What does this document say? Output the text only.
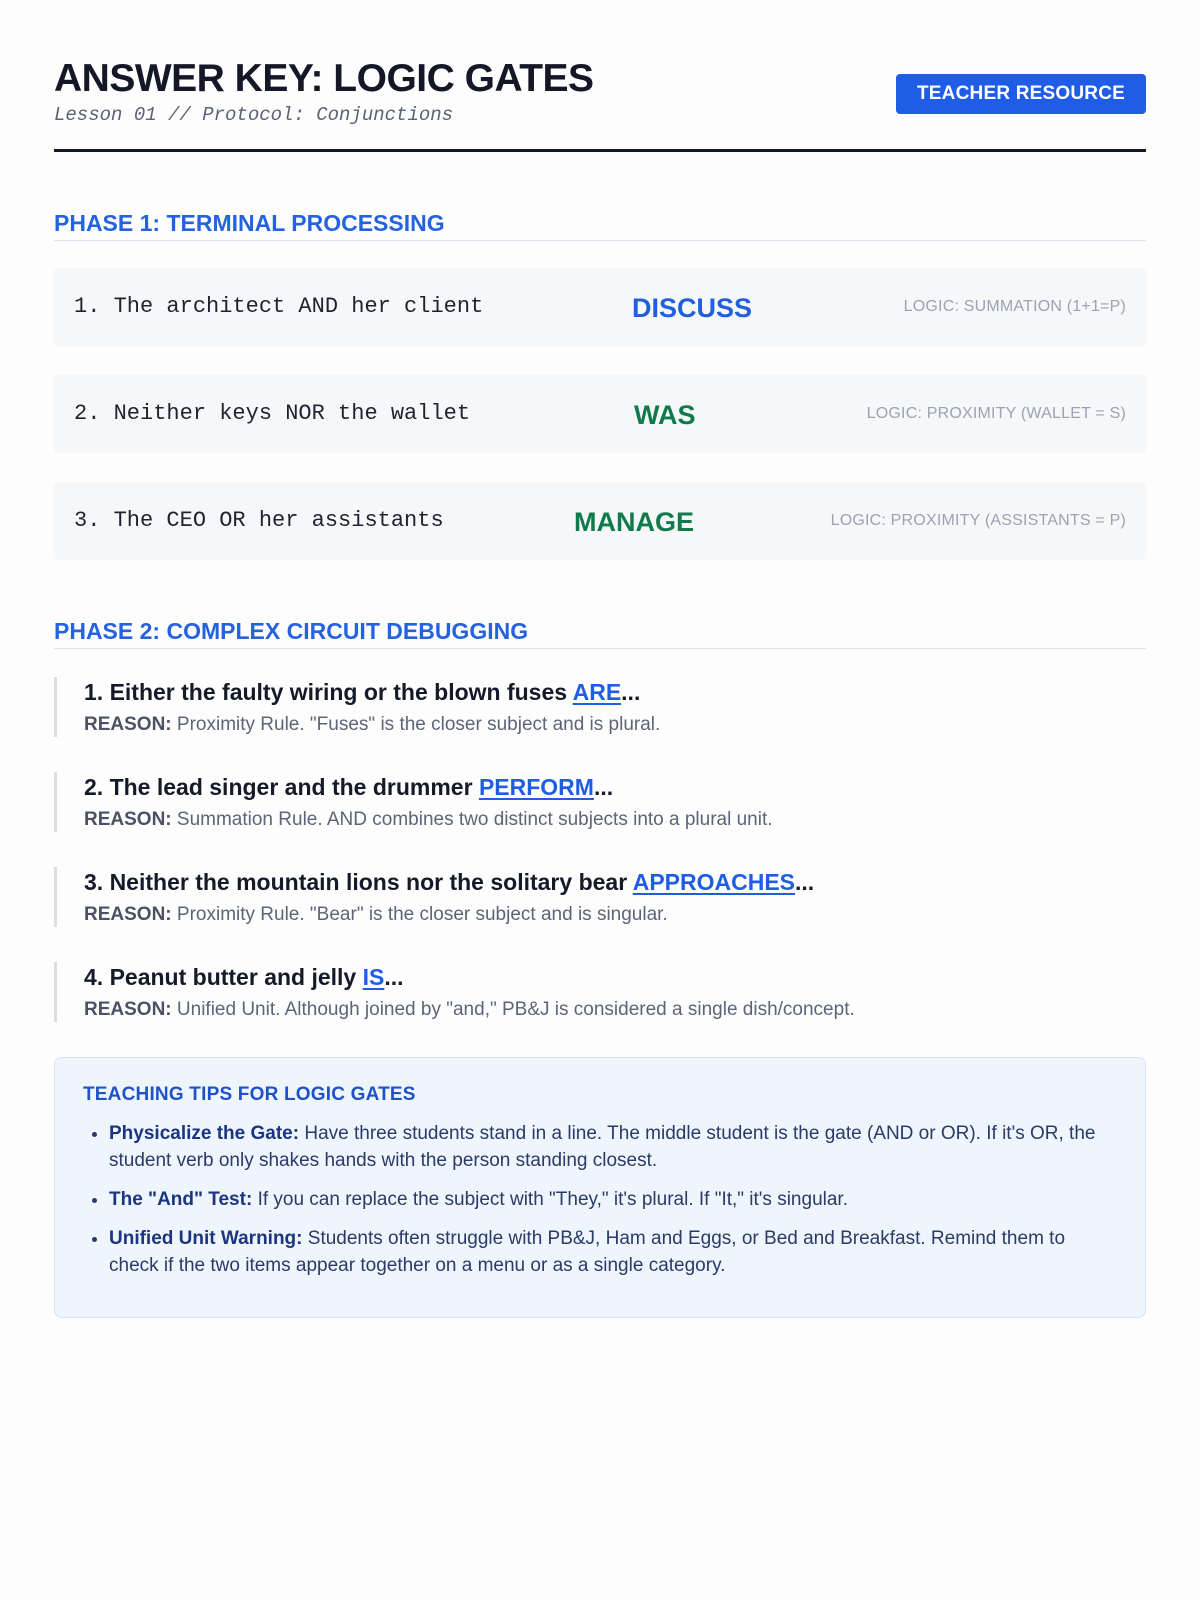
ANSWER KEY: LOGIC GATES
Lesson 01 // Protocol: Conjunctions
TEACHER RESOURCE
PHASE 1: TERMINAL PROCESSING
1. The architect AND her client	DISCUSS	LOGIC: SUMMATION (1+1=P)
2. Neither keys NOR the wallet	WAS	LOGIC: PROXIMITY (WALLET = S)
3. The CEO OR her assistants	MANAGE	LOGIC: PROXIMITY (ASSISTANTS = P)
PHASE 2: COMPLEX CIRCUIT DEBUGGING
1. Either the faulty wiring or the blown fuses ARE...
REASON: Proximity Rule. "Fuses" is the closer subject and is plural.
2. The lead singer and the drummer PERFORM...
REASON: Summation Rule. AND combines two distinct subjects into a plural unit.
3. Neither the mountain lions nor the solitary bear APPROACHES...
REASON: Proximity Rule. "Bear" is the closer subject and is singular.
4. Peanut butter and jelly IS...
REASON: Unified Unit. Although joined by "and," PB&J is considered a single dish/concept.
TEACHING TIPS FOR LOGIC GATES
• Physicalize the Gate: Have three students stand in a line. The middle student is the gate (AND or OR). If it's OR, the student verb only shakes hands with the person standing closest.
• The "And" Test: If you can replace the subject with "They," it's plural. If "It," it's singular.
• Unified Unit Warning: Students often struggle with PB&J, Ham and Eggs, or Bed and Breakfast. Remind them to check if the two items appear together on a menu or as a single category.
